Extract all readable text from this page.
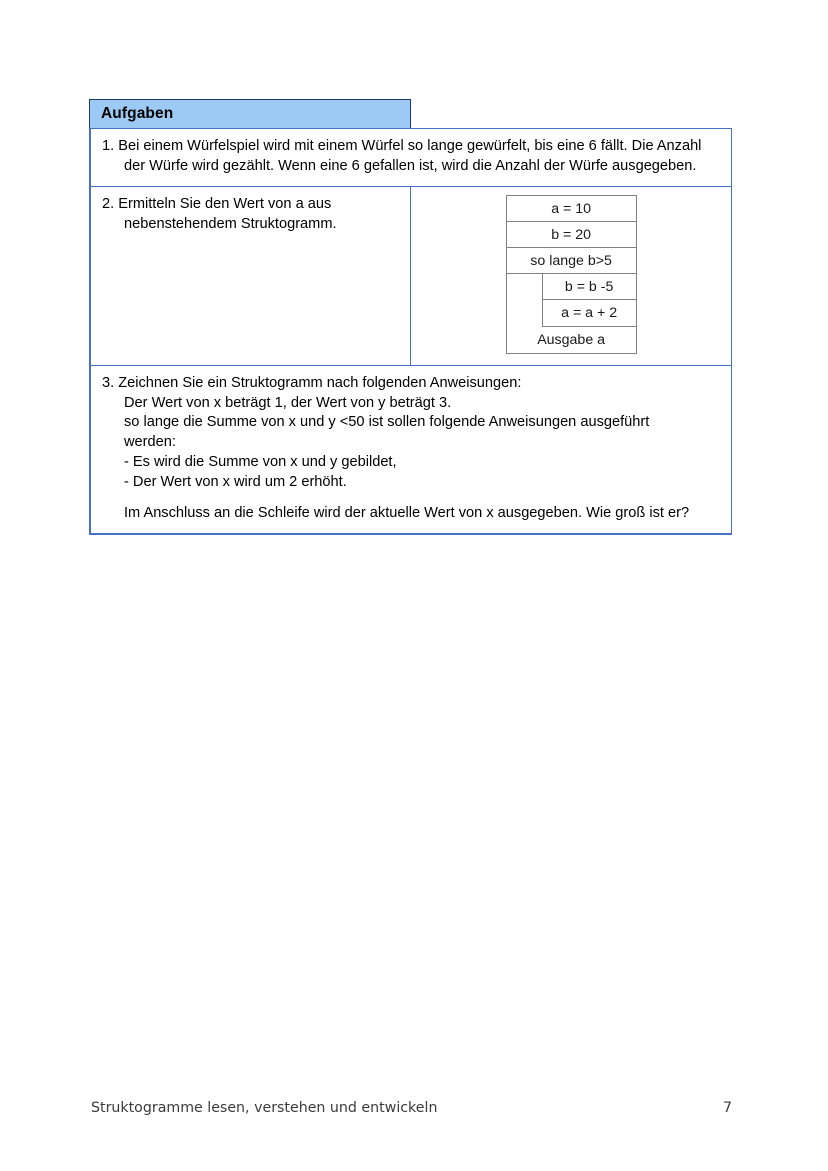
Aufgaben
1. Bei einem Würfelspiel wird mit einem Würfel so lange gewürfelt, bis eine 6 fällt. Die Anzahl der Würfe wird gezählt. Wenn eine 6 gefallen ist, wird die Anzahl der Würfe ausgegeben.

2. Ermitteln Sie den Wert von a aus
nebenstehendem Struktogramm.

a = 10
b = 20
so lange b>5
b = b -5
a = a + 2
Ausgabe a

3. Zeichnen Sie ein Struktogramm nach folgenden Anweisungen:
Der Wert von x beträgt 1, der Wert von y beträgt 3.
so lange die Summe von x und y <50 ist sollen folgende Anweisungen ausgeführt
werden:
- Es wird die Summe von x und y gebildet,
- Der Wert von x wird um 2 erhöht.
Im Anschluss an die Schleife wird der aktuelle Wert von x ausgegeben. Wie groß ist er?
Struktogramme lesen, verstehen und entwickeln	7
